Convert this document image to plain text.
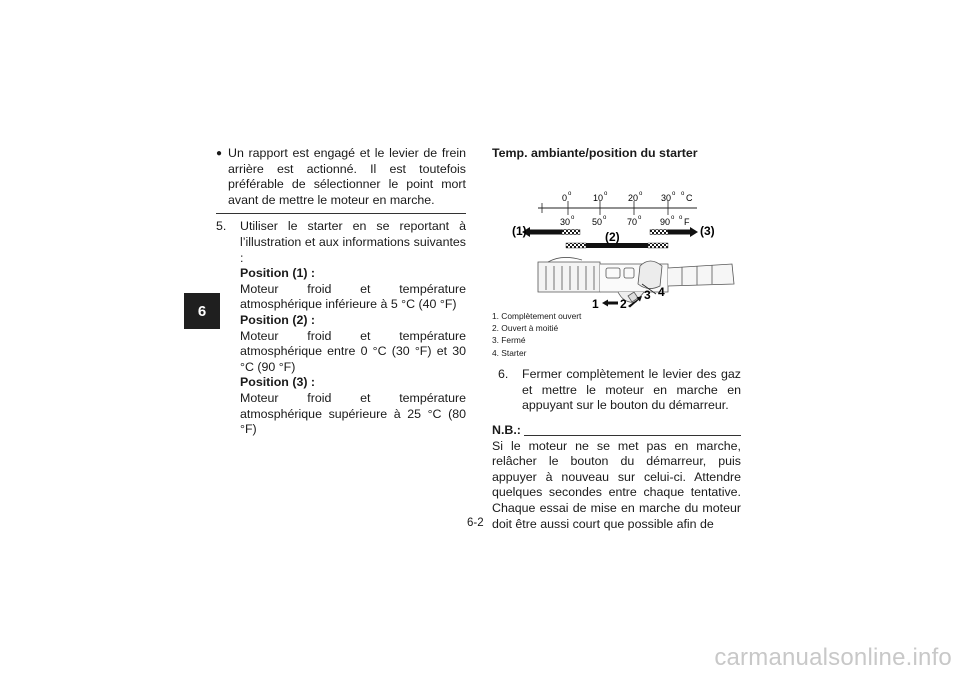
6
● Un rapport est engagé et le levier de frein arrière est actionné. Il est toutefois préférable de sélectionner le point mort avant de mettre le moteur en marche.
5.	Utiliser le starter en se reportant à l’illustration et aux informations suivantes :
Position (1) :
Moteur froid et température atmosphérique inférieure à 5 °C (40 °F)
Position (2) :
Moteur froid et température atmosphérique entre 0 °C (30 °F) et 30 °C (90 °F)
Position (3) :
Moteur froid et température atmosphérique supérieure à 25 °C (80 °F)
Temp. ambiante/position du starter
0 o 10 o 20 o 30 o o C
30 o 50 o 70 o 90 o o F
(1)	(2)	(3)
1 2
3 4
1. Complètement ouvert
2. Ouvert à moitié
3. Fermé
4. Starter
6.	Fermer complètement le levier des gaz et mettre le moteur en marche en appuyant sur le bouton du démarreur.
N.B.:
Si le moteur ne se met pas en marche, relâcher le bouton du démarreur, puis appuyer à nouveau sur celui-ci. Attendre quelques secondes entre chaque tentative. Chaque essai de mise en marche du moteur doit être aussi court que possible afin de
6-2
carmanualsonline.info
